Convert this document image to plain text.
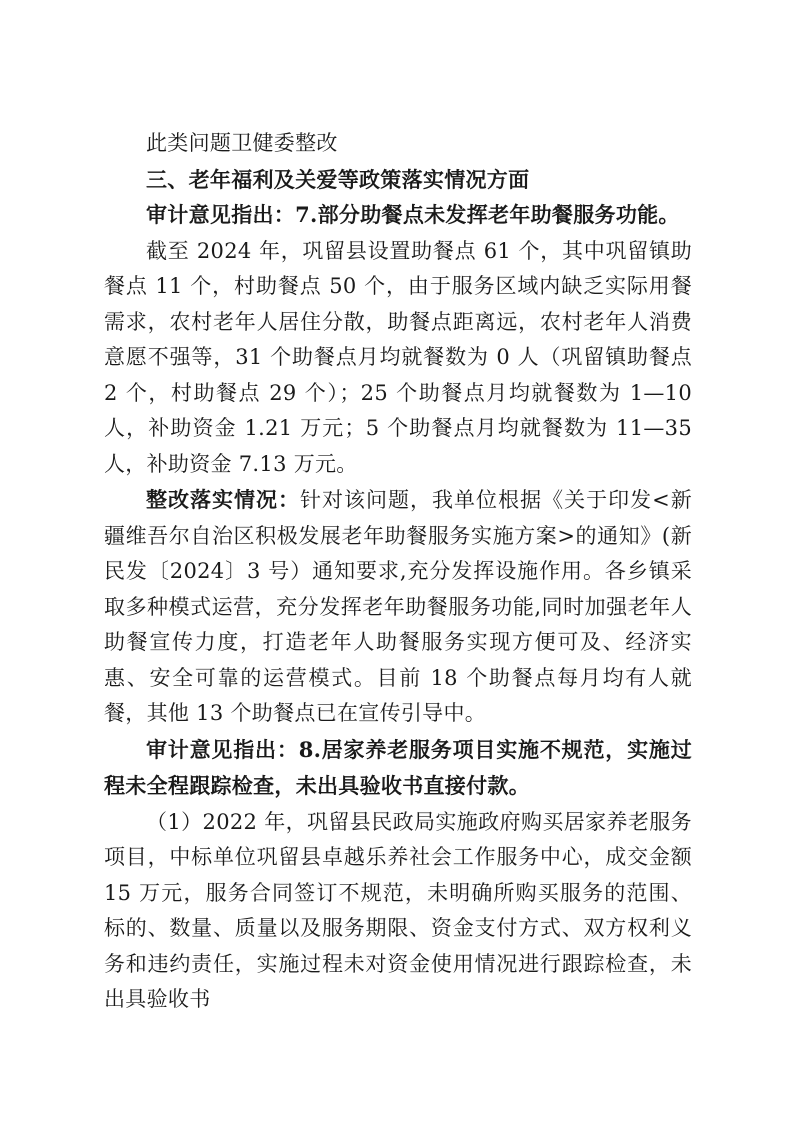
此类问题卫健委整改

三、老年福利及关爱等政策落实情况方面

审计意见指出：7.部分助餐点未发挥老年助餐服务功能。

截至 2024 年，巩留县设置助餐点 61 个，其中巩留镇助餐点 11 个，村助餐点 50 个，由于服务区域内缺乏实际用餐需求，农村老年人居住分散，助餐点距离远，农村老年人消费意愿不强等，31 个助餐点月均就餐数为 0 人（巩留镇助餐点 2 个，村助餐点 29 个）；25 个助餐点月均就餐数为 1—10 人，补助资金 1.21 万元；5 个助餐点月均就餐数为 11—35 人，补助资金 7.13 万元。

整改落实情况：针对该问题，我单位根据《关于印发<新疆维吾尔自治区积极发展老年助餐服务实施方案>的通知》(新民发〔2024〕3 号）通知要求,充分发挥设施作用。各乡镇采取多种模式运营，充分发挥老年助餐服务功能,同时加强老年人助餐宣传力度，打造老年人助餐服务实现方便可及、经济实惠、安全可靠的运营模式。目前 18 个助餐点每月均有人就餐，其他 13 个助餐点已在宣传引导中。

审计意见指出：8.居家养老服务项目实施不规范，实施过程未全程跟踪检查，未出具验收书直接付款。

（1）2022 年，巩留县民政局实施政府购买居家养老服务项目，中标单位巩留县卓越乐养社会工作服务中心，成交金额 15 万元，服务合同签订不规范，未明确所购买服务的范围、标的、数量、质量以及服务期限、资金支付方式、双方权利义务和违约责任，实施过程未对资金使用情况进行跟踪检查，未出具验收书
